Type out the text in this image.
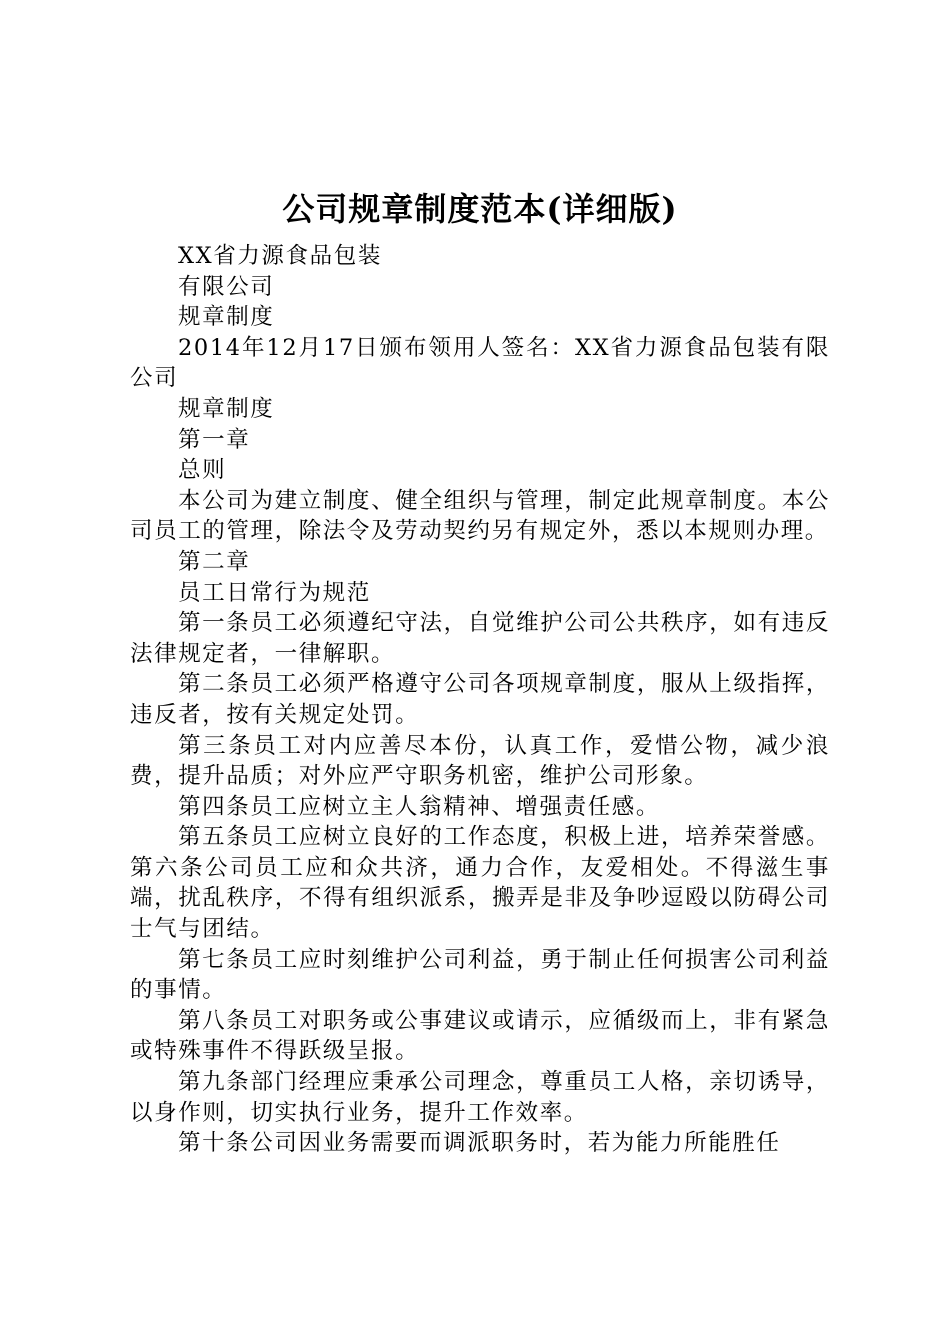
公司规章制度范本(详细版)

XX省力源食品包装

有限公司

规章制度

2014年12月17日颁布领用人签名：XX省力源食品包装有限公司

规章制度

第一章

总则

本公司为建立制度、健全组织与管理，制定此规章制度。本公司员工的管理，除法令及劳动契约另有规定外，悉以本规则办理。

第二章

员工日常行为规范

第一条员工必须遵纪守法，自觉维护公司公共秩序，如有违反法律规定者，一律解职。

第二条员工必须严格遵守公司各项规章制度，服从上级指挥，违反者，按有关规定处罚。

第三条员工对内应善尽本份，认真工作，爱惜公物，减少浪费，提升品质；对外应严守职务机密，维护公司形象。

第四条员工应树立主人翁精神、增强责任感。

第五条员工应树立良好的工作态度，积极上进，培养荣誉感。第六条公司员工应和众共济，通力合作，友爱相处。不得滋生事端，扰乱秩序，不得有组织派系，搬弄是非及争吵逗殴以防碍公司士气与团结。

第七条员工应时刻维护公司利益，勇于制止任何损害公司利益的事情。

第八条员工对职务或公事建议或请示，应循级而上，非有紧急或特殊事件不得跃级呈报。

第九条部门经理应秉承公司理念，尊重员工人格，亲切诱导，以身作则，切实执行业务，提升工作效率。

第十条公司因业务需要而调派职务时，若为能力所能胜任
